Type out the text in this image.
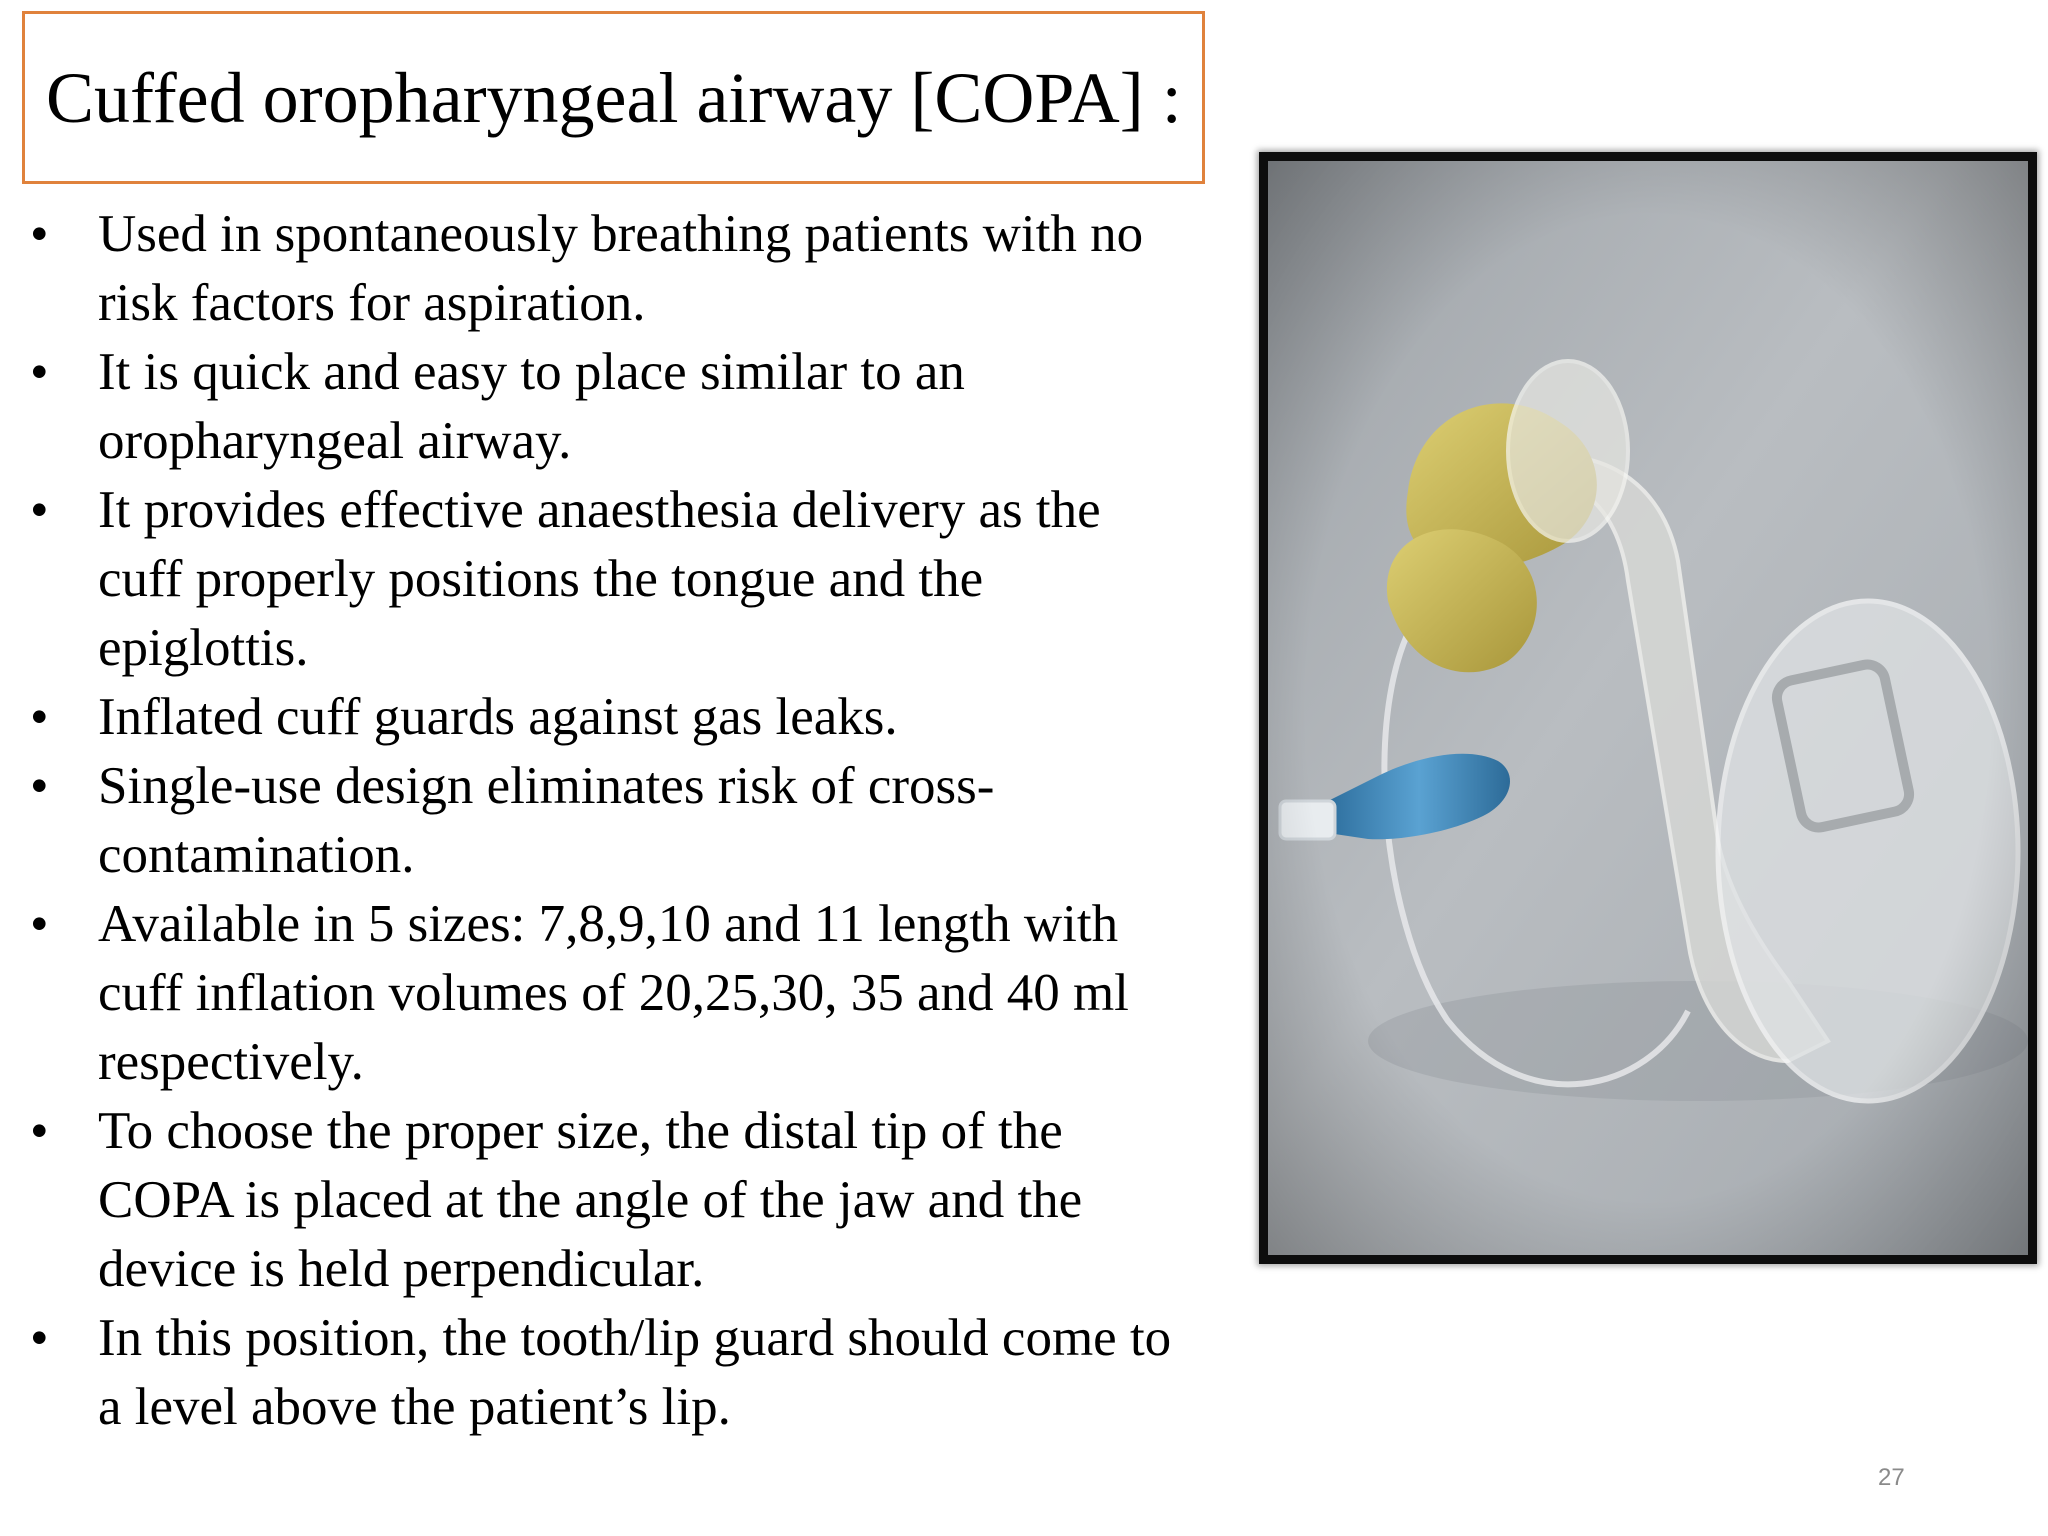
Cuffed oropharyngeal airway [COPA] :
• Used in spontaneously breathing patients with no
risk factors for aspiration.
• It is quick and easy to place similar to an
oropharyngeal airway.
• It provides effective anaesthesia delivery as the
cuff properly positions the tongue and the
epiglottis.
• Inflated cuff guards against gas leaks.
• Single-use design eliminates risk of cross-
contamination.
• Available in 5 sizes: 7,8,9,10 and 11 length with
cuff inflation volumes of 20,25,30, 35 and 40 ml
respectively.
• To choose the proper size, the distal tip of the
COPA is placed at the angle of the jaw and the
device is held perpendicular.
• In this position, the tooth/lip guard should come to
a level above the patient’s lip.
27
